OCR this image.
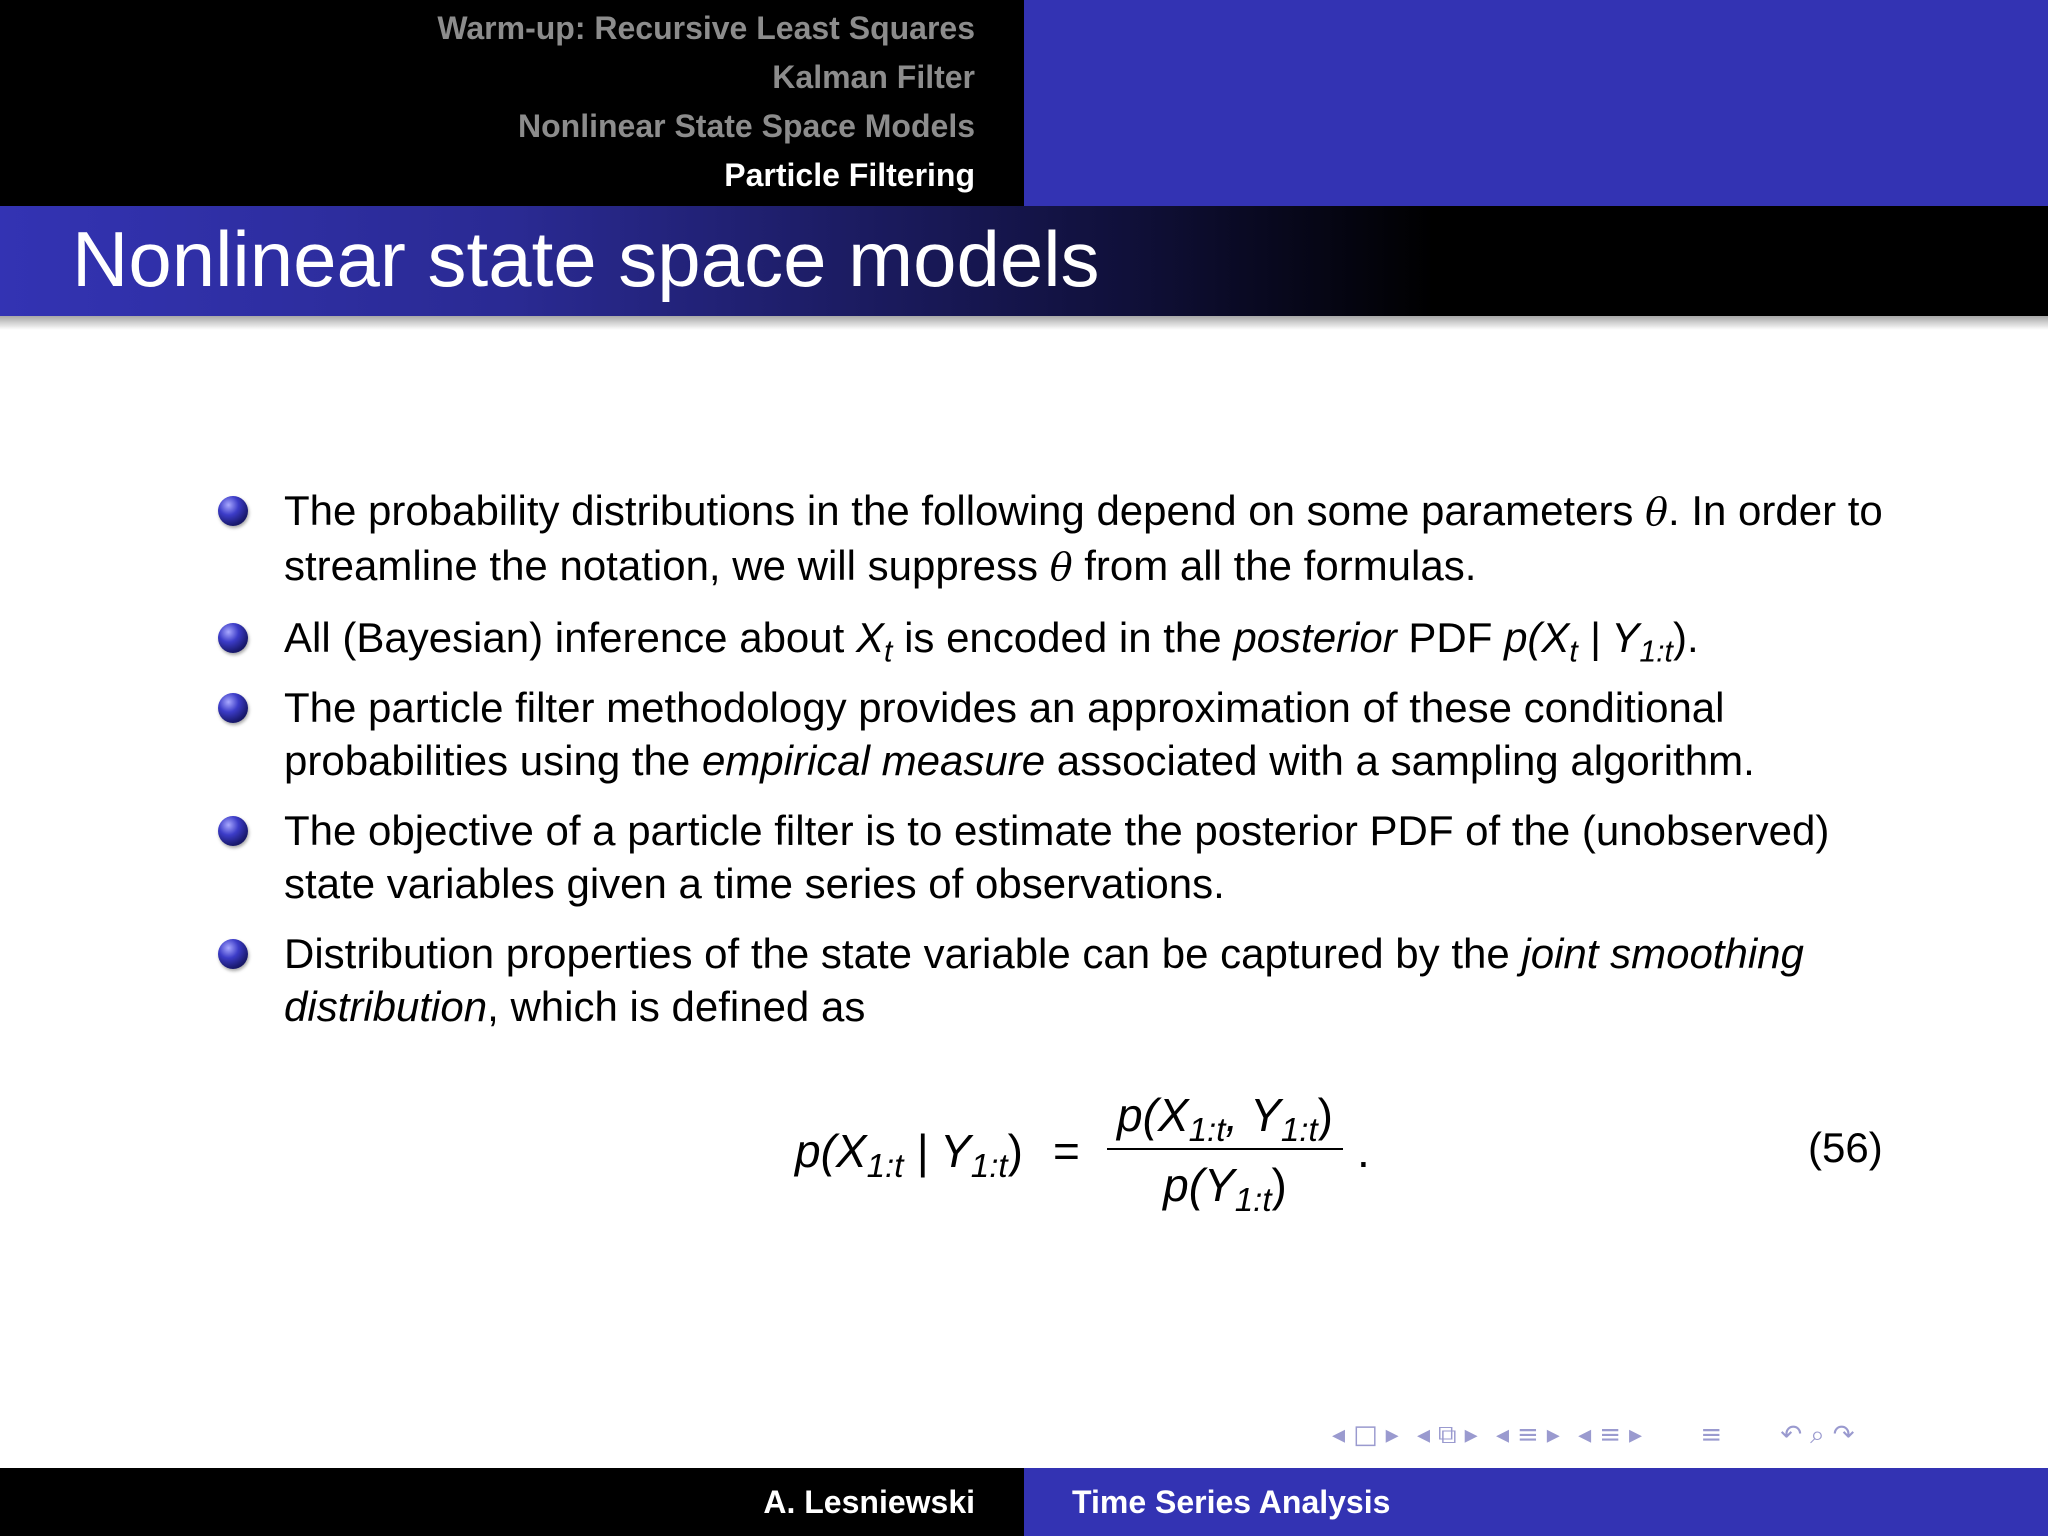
Warm-up: Recursive Least Squares
Kalman Filter
Nonlinear State Space Models
Particle Filtering
Nonlinear state space models
The probability distributions in the following depend on some parameters θ. In order to streamline the notation, we will suppress θ from all the formulas.
All (Bayesian) inference about $X_t$ is encoded in the posterior PDF $p(X_t$ | $Y_{1:t}$).
The particle filter methodology provides an approximation of these conditional probabilities using the empirical measure associated with a sampling algorithm.
The objective of a particle filter is to estimate the posterior PDF of the (unobserved) state variables given a time series of observations.
Distribution properties of the state variable can be captured by the joint smoothing distribution, which is defined as
$p(X_{1:t}$ | $Y_{1:t}$) =
$p(X_{1:t}$, $Y_{1:t}$)
$p(Y_{1:t})$
.	(56)
◂ □ ▸ ◂ ⧉ ▸ ◂ ≡ ▸ ◂ ≡ ▸ ≡ ↶ ⌕ ↷
A. Lesniewski	Time Series Analysis
